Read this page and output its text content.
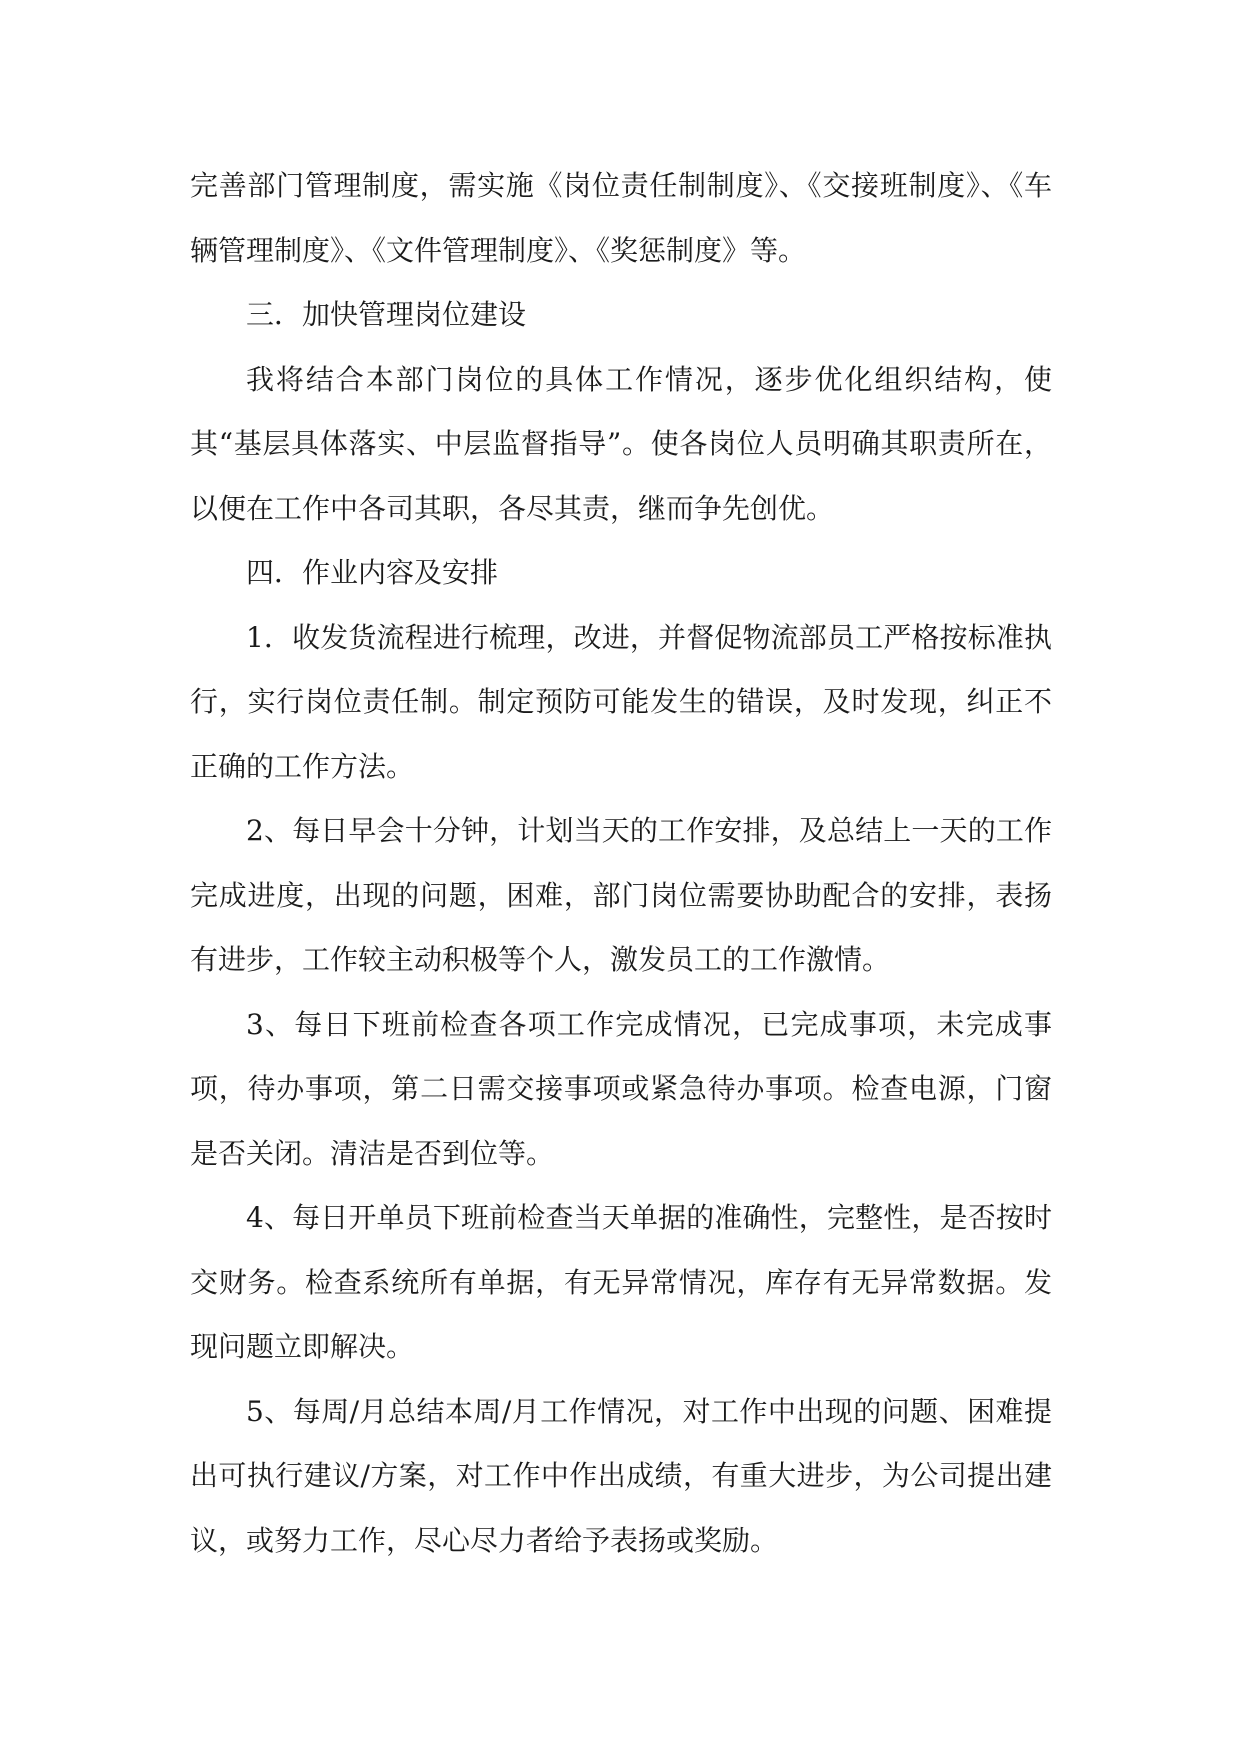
完善部门管理制度，需实施《岗位责任制制度》、《交接班制度》、《车辆管理制度》、《文件管理制度》、《奖惩制度》等。

三．加快管理岗位建设

我将结合本部门岗位的具体工作情况，逐步优化组织结构，使其“基层具体落实、中层监督指导”。使各岗位人员明确其职责所在，以便在工作中各司其职，各尽其责，继而争先创优。

四．作业内容及安排

1．收发货流程进行梳理，改进，并督促物流部员工严格按标准执行，实行岗位责任制。制定预防可能发生的错误，及时发现，纠正不正确的工作方法。

2、每日早会十分钟，计划当天的工作安排，及总结上一天的工作完成进度，出现的问题，困难，部门岗位需要协助配合的安排，表扬有进步，工作较主动积极等个人，激发员工的工作激情。

3、每日下班前检查各项工作完成情况，已完成事项，未完成事项，待办事项，第二日需交接事项或紧急待办事项。检查电源，门窗是否关闭。清洁是否到位等。

4、每日开单员下班前检查当天单据的准确性，完整性，是否按时交财务。检查系统所有单据，有无异常情况，库存有无异常数据。发现问题立即解决。

5、每周/月总结本周/月工作情况，对工作中出现的问题、困难提出可执行建议/方案，对工作中作出成绩，有重大进步，为公司提出建议，或努力工作，尽心尽力者给予表扬或奖励。
